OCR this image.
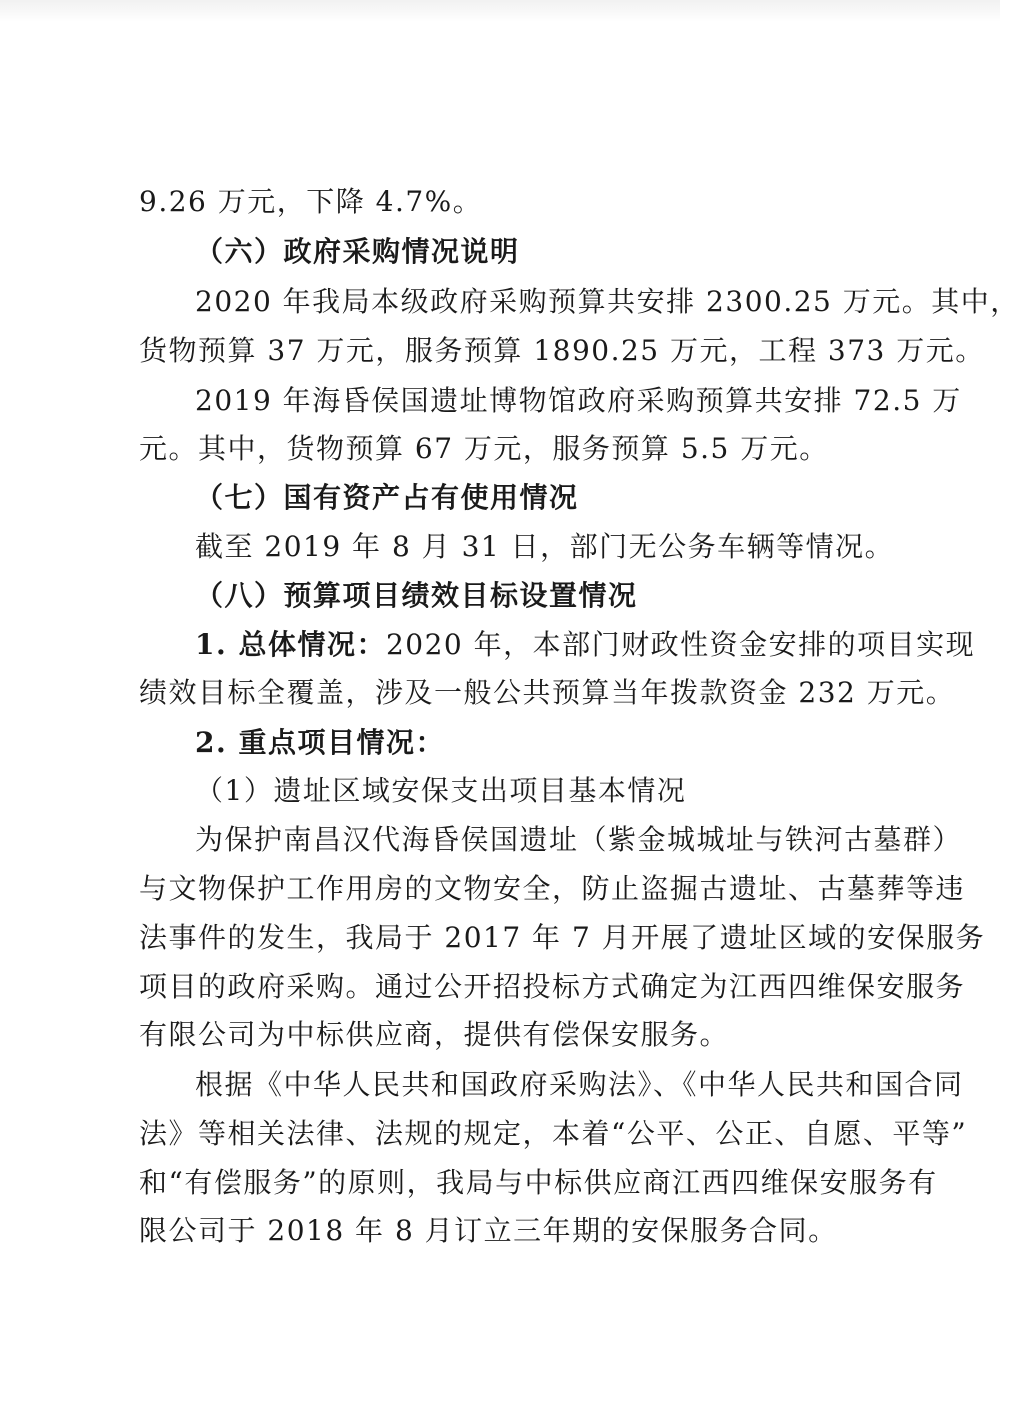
9.26 万元，下降 4.7%。
（六）政府采购情况说明
2020 年我局本级政府采购预算共安排 2300.25 万元。其中，
货物预算 37 万元，服务预算 1890.25 万元，工程 373 万元。
2019 年海昏侯国遗址博物馆政府采购预算共安排 72.5 万
元。其中，货物预算 67 万元，服务预算 5.5 万元。
（七）国有资产占有使用情况
截至 2019 年 8 月 31 日，部门无公务车辆等情况。
（八）预算项目绩效目标设置情况
1. 总体情况：2020 年，本部门财政性资金安排的项目实现
绩效目标全覆盖，涉及一般公共预算当年拨款资金 232 万元。
2. 重点项目情况：
（1）遗址区域安保支出项目基本情况
为保护南昌汉代海昏侯国遗址（紫金城城址与铁河古墓群）
与文物保护工作用房的文物安全，防止盗掘古遗址、古墓葬等违
法事件的发生，我局于 2017 年 7 月开展了遗址区域的安保服务
项目的政府采购。通过公开招投标方式确定为江西四维保安服务
有限公司为中标供应商，提供有偿保安服务。
根据《中华人民共和国政府采购法》、《中华人民共和国合同
法》等相关法律、法规的规定，本着“公平、公正、自愿、平等”
和“有偿服务”的原则，我局与中标供应商江西四维保安服务有
限公司于 2018 年 8 月订立三年期的安保服务合同。
